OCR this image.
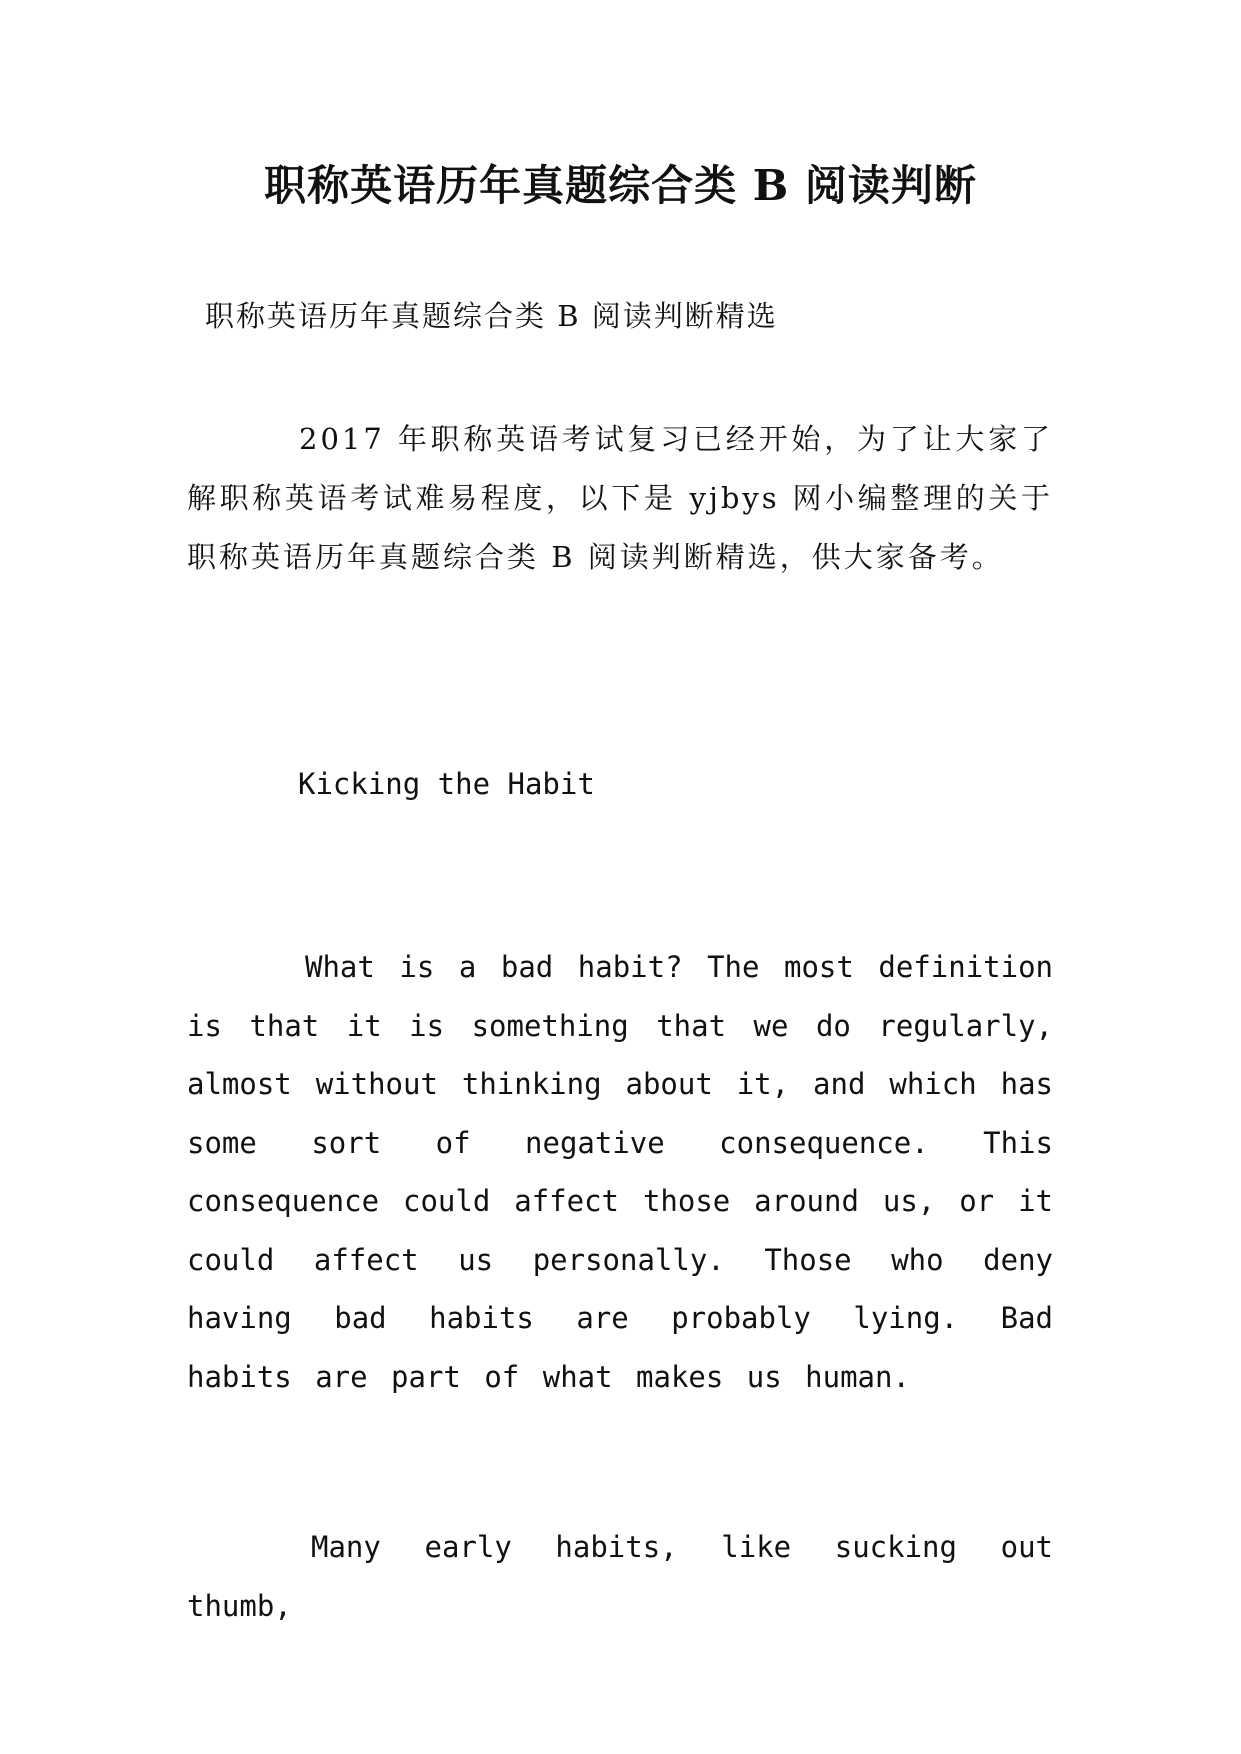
职称英语历年真题综合类 B 阅读判断

职称英语历年真题综合类 B 阅读判断精选

2017 年职称英语考试复习已经开始，为了让大家了解职称英语考试难易程度，以下是 yjbys 网小编整理的关于职称英语历年真题综合类 B 阅读判断精选，供大家备考。

Kicking the Habit

What is a bad habit? The most definition is that it is something that we do regularly, almost without thinking about it, and which has some sort of negative consequence. This consequence could affect those around us, or it could affect us personally. Those who deny having bad habits are probably lying. Bad habits are part of what makes us human.

Many early habits, like sucking out thumb,
